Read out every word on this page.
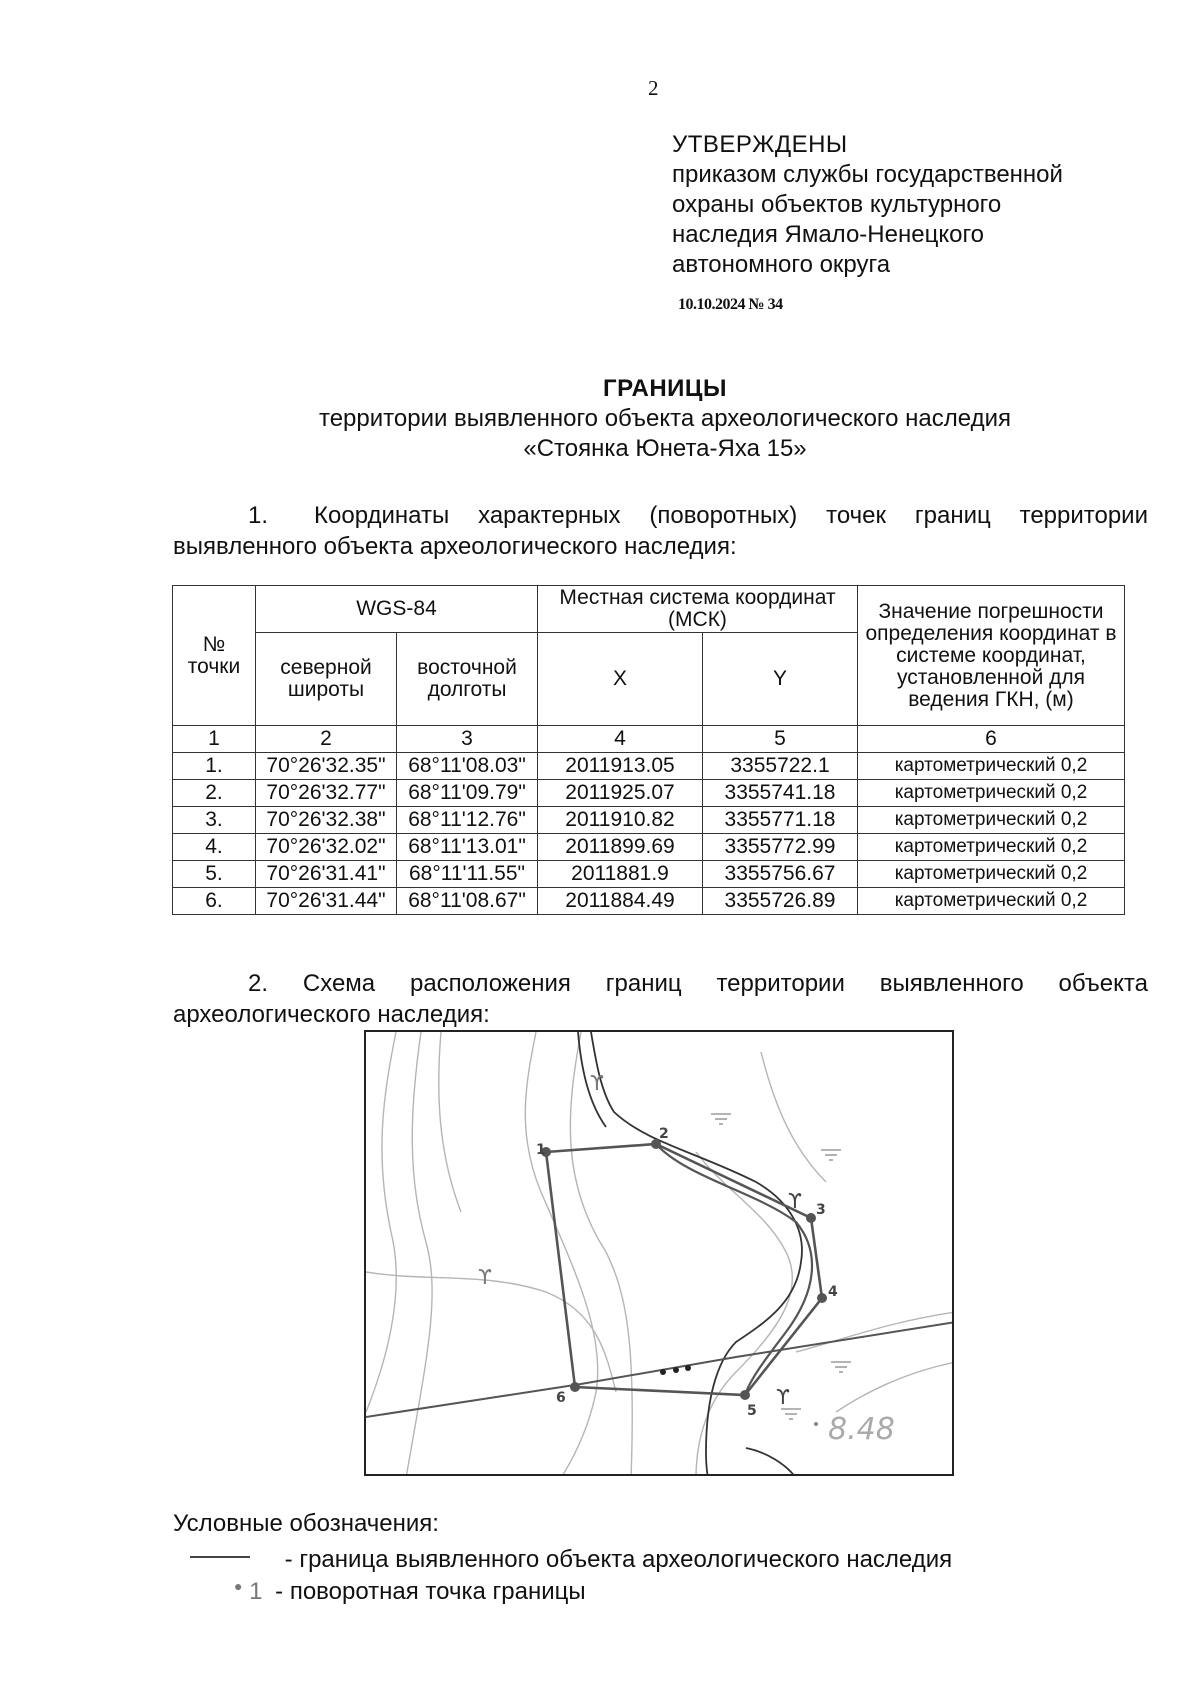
2
УТВЕРЖДЕНЫ
приказом службы государственной
охраны объектов культурного
наследия Ямало-Ненецкого
автономного округа
10.10.2024 № 34
ГРАНИЦЫ
территории выявленного объекта археологического наследия
«Стоянка Юнета-Яха 15»
1. Координаты характерных (поворотных) точек границ территории выявленного объекта археологического наследия:
№ точки	WGS-84		Местная система координат (МСК)		Значение погрешности определения координат в системе координат, установленной для ведения ГКН, (м)
	северной широты	восточной долготы	X	Y	
1	2	3	4	5	6
1.	70°26'32.35"	68°11'08.03"	2011913.05	3355722.1	картометрический 0,2
2.	70°26'32.77"	68°11'09.79"	2011925.07	3355741.18	картометрический 0,2
3.	70°26'32.38"	68°11'12.76"	2011910.82	3355771.18	картометрический 0,2
4.	70°26'32.02"	68°11'13.01"	2011899.69	3355772.99	картометрический 0,2
5.	70°26'31.41"	68°11'11.55"	2011881.9	3355756.67	картометрический 0,2
6.	70°26'31.44"	68°11'08.67"	2011884.49	3355726.89	картометрический 0,2
2. Схема расположения границ территории выявленного объекта археологического наследия:
ϒ
ϒ
ϒ
ϒ
8.48
1
2
3
4
5
6
Условные обозначения:
- граница выявленного объекта археологического наследия
● 1 - поворотная точка границы
